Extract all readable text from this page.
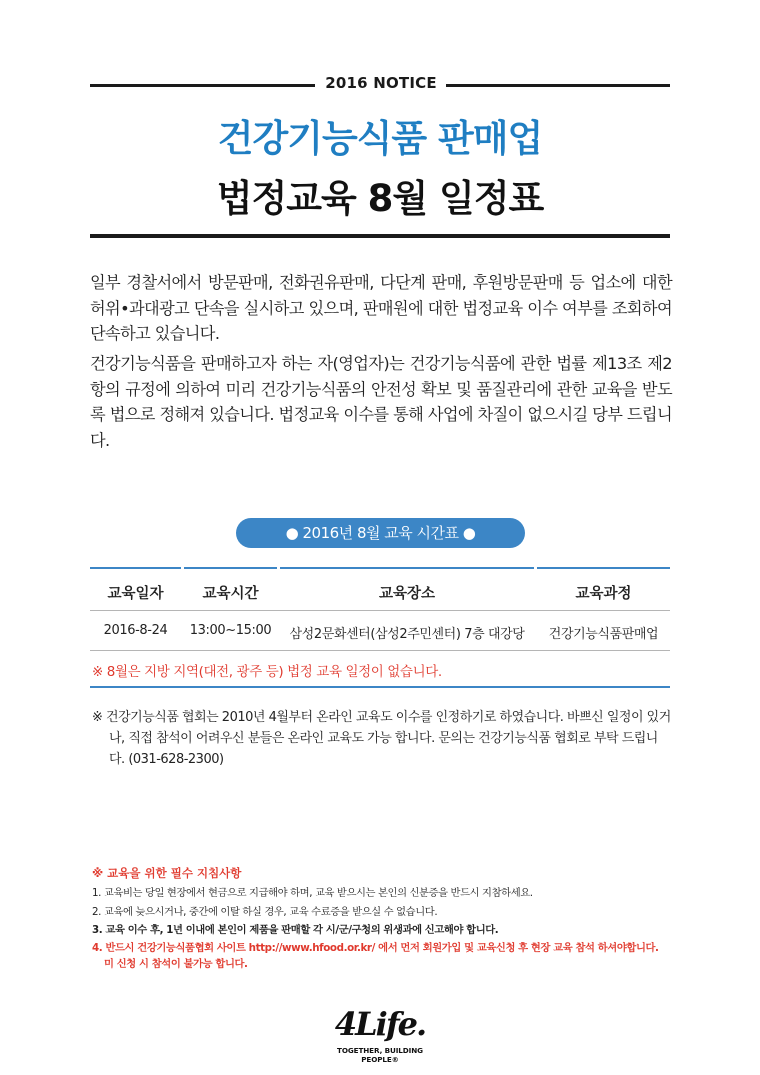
2016 NOTICE
건강기능식품 판매업
법정교육 8월 일정표
일부 경찰서에서 방문판매, 전화권유판매, 다단계 판매, 후원방문판매 등 업소에 대한 허위•과대광고 단속을 실시하고 있으며, 판매원에 대한 법정교육 이수 여부를 조회하여 단속하고 있습니다.
건강기능식품을 판매하고자 하는 자(영업자)는 건강기능식품에 관한 법률 제13조 제2항의 규정에 의하여 미리 건강기능식품의 안전성 확보 및 품질관리에 관한 교육을 받도록 법으로 정해져 있습니다. 법정교육 이수를 통해 사업에 차질이 없으시길 당부 드립니다.
● 2016년 8월 교육 시간표 ●
교육일자	교육시간	교육장소	교육과정
2016-8-24	13:00~15:00	삼성2문화센터(삼성2주민센터) 7층 대강당	건강기능식품판매업
※ 8월은 지방 지역(대전, 광주 등) 법정 교육 일정이 없습니다.
※ 건강기능식품 협회는 2010년 4월부터 온라인 교육도 이수를 인정하기로 하였습니다. 바쁘신 일정이 있거나, 직접 참석이 어려우신 분들은 온라인 교육도 가능 합니다. 문의는 건강기능식품 협회로 부탁 드립니다. (031-628-2300)
※ 교육을 위한 필수 지침사항
1. 교육비는 당일 현장에서 현금으로 지급해야 하며, 교육 받으시는 본인의 신분증을 반드시 지참하세요.
2. 교육에 늦으시거나, 중간에 이탈 하실 경우, 교육 수료증을 받으실 수 없습니다.
3. 교육 이수 후, 1년 이내에 본인이 제품을 판매할 각 시/군/구청의 위생과에 신고해야 합니다.
4. 반드시 건강기능식품협회 사이트 http://www.hfood.or.kr/ 에서 먼저 회원가입 및 교육신청 후 현장 교육 참석 하셔야합니다.
미 신청 시 참석이 불가능 합니다.
4Life.
TOGETHER, BUILDING PEOPLE®
